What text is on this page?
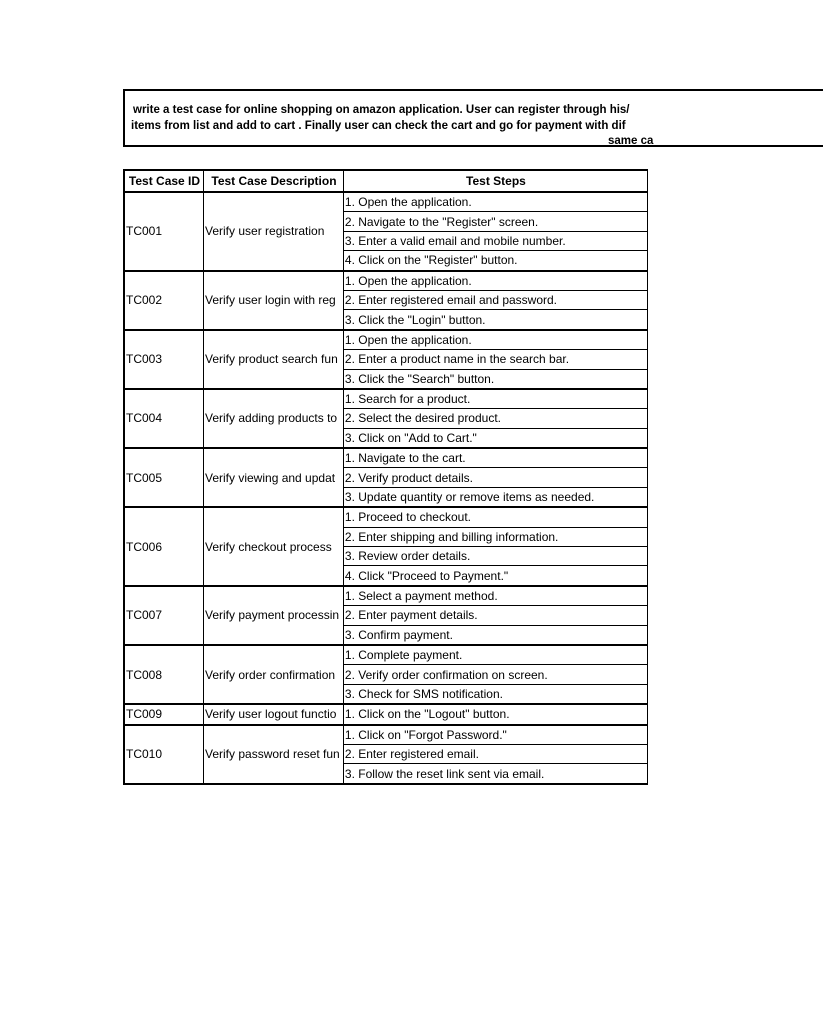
write a test case for online shopping on amazon application. User can register through his/
items from list and add to cart . Finally user can check the cart and go for payment with dif
same ca
Test Case ID	Test Case Description	Test Steps
TC001	Verify user registration	1. Open the application.
		2. Navigate to the "Register" screen.
		3. Enter a valid email and mobile number.
		4. Click on the "Register" button.
TC002	Verify user login with reg	1. Open the application.
		2. Enter registered email and password.
		3. Click the "Login" button.
TC003	Verify product search fun	1. Open the application.
		2. Enter a product name in the search bar.
		3. Click the "Search" button.
TC004	Verify adding products to	1. Search for a product.
		2. Select the desired product.
		3. Click on "Add to Cart."
TC005	Verify viewing and updat	1. Navigate to the cart.
		2. Verify product details.
		3. Update quantity or remove items as needed.
TC006	Verify checkout process	1. Proceed to checkout.
		2. Enter shipping and billing information.
		3. Review order details.
		4. Click "Proceed to Payment."
TC007	Verify payment processin	1. Select a payment method.
		2. Enter payment details.
		3. Confirm payment.
TC008	Verify order confirmation	1. Complete payment.
		2. Verify order confirmation on screen.
		3. Check for SMS notification.
TC009	Verify user logout functio	1. Click on the "Logout" button.
TC010	Verify password reset fun	1. Click on "Forgot Password."
		2. Enter registered email.
		3. Follow the reset link sent via email.
